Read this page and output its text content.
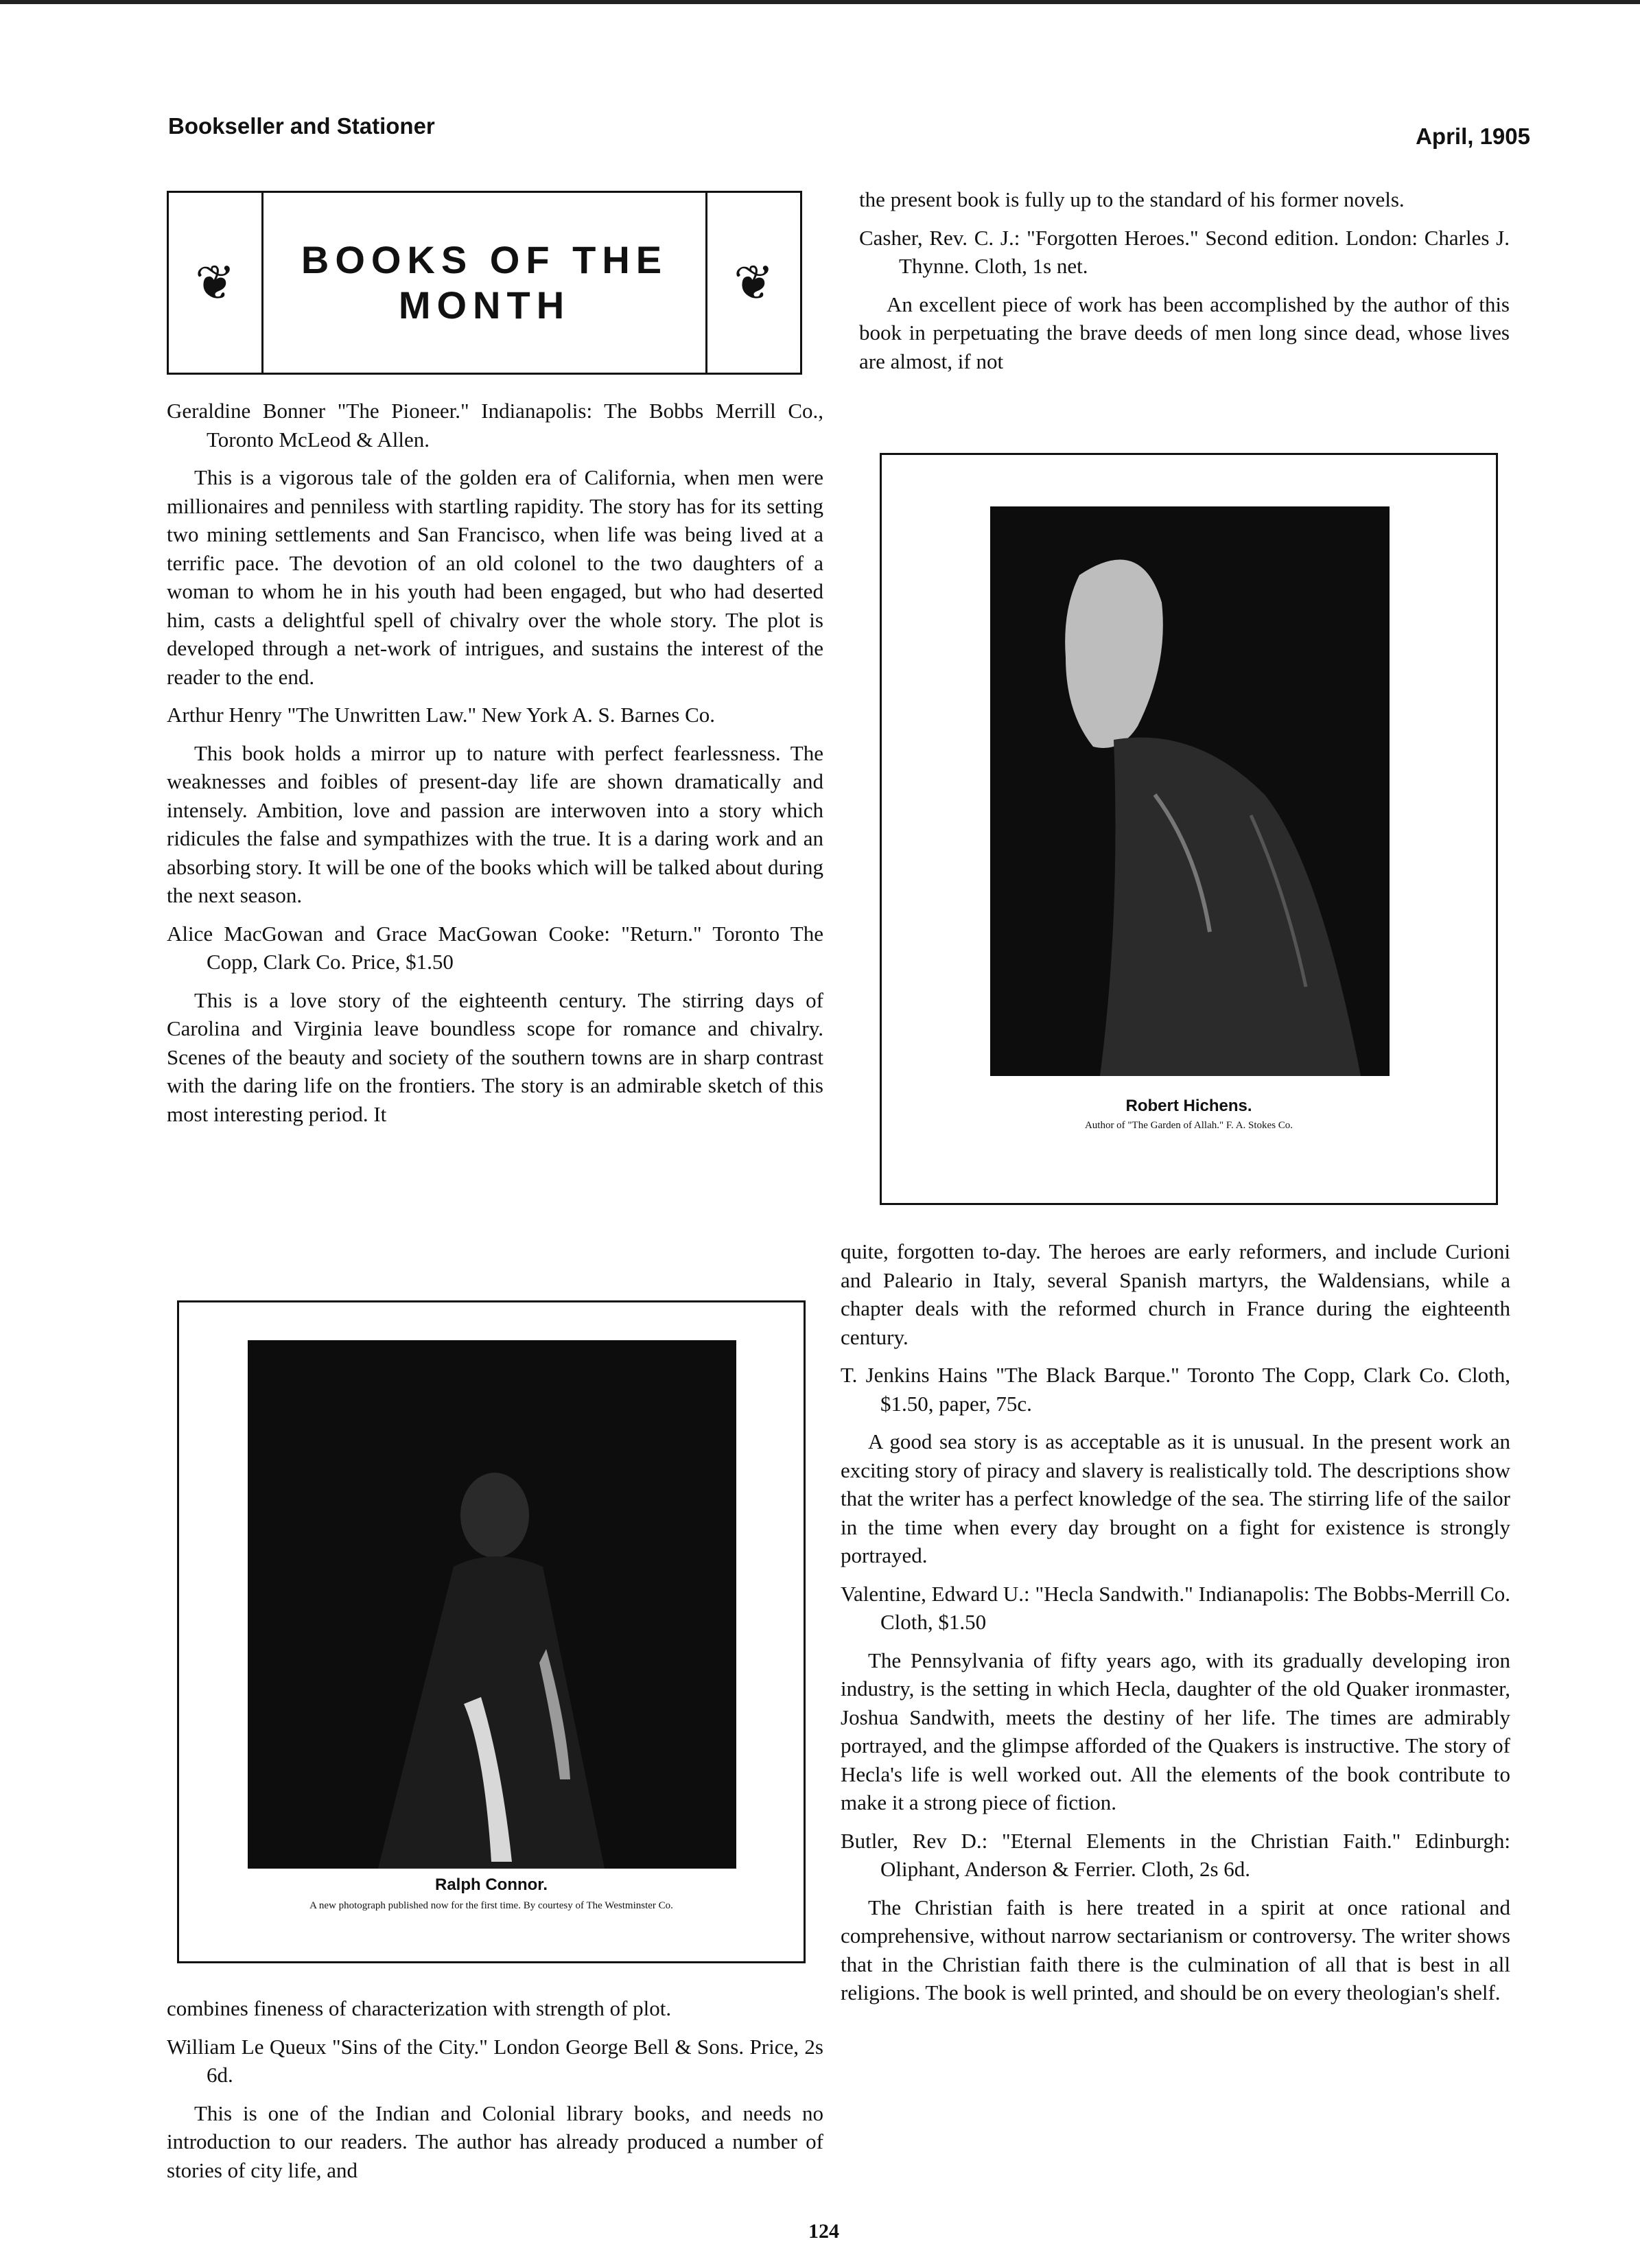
Bookseller and Stationer	April, 1905
❦ BOOKS OF THE
MONTH	❦

Geraldine Bonner "The Pioneer." Indianapolis: The Bobbs Merrill Co., Toronto McLeod & Allen.

This is a vigorous tale of the golden era of California, when men were millionaires and penniless with startling rapidity. The story has for its setting two mining settlements and San Francisco, when life was being lived at a terrific pace. The devotion of an old colonel to the two daughters of a woman to whom he in his youth had been engaged, but who had deserted him, casts a delightful spell of chivalry over the whole story. The plot is developed through a net-work of intrigues, and sustains the interest of the reader to the end.

Arthur Henry "The Unwritten Law." New York A. S. Barnes Co.

This book holds a mirror up to nature with perfect fearlessness. The weaknesses and foibles of present-day life are shown dramatically and intensely. Ambition, love and passion are interwoven into a story which ridicules the false and sympathizes with the true. It is a daring work and an absorbing story. It will be one of the books which will be talked about during the next season.

Alice MacGowan and Grace MacGowan Cooke: "Return." Toronto The Copp, Clark Co. Price, $1.50

This is a love story of the eighteenth century. The stirring days of Carolina and Virginia leave boundless scope for romance and chivalry. Scenes of the beauty and society of the southern towns are in sharp contrast with the daring life on the frontiers. The story is an admirable sketch of this most interesting period. It

Ralph Connor.
A new photograph published now for the first time. By courtesy of The Westminster Co.

combines fineness of characterization with strength of plot.

William Le Queux "Sins of the City." London George Bell & Sons. Price, 2s 6d.

This is one of the Indian and Colonial library books, and needs no introduction to our readers. The author has already produced a number of stories of city life, and

the present book is fully up to the standard of his former novels.

Casher, Rev. C. J.: "Forgotten Heroes." Second edition. London: Charles J. Thynne. Cloth, 1s net.

An excellent piece of work has been accomplished by the author of this book in perpetuating the brave deeds of men long since dead, whose lives are almost, if not

Robert Hichens.
Author of "The Garden of Allah." F. A. Stokes Co.

quite, forgotten to-day. The heroes are early reformers, and include Curioni and Paleario in Italy, several Spanish martyrs, the Waldensians, while a chapter deals with the reformed church in France during the eighteenth century.

T. Jenkins Hains "The Black Barque." Toronto The Copp, Clark Co. Cloth, $1.50, paper, 75c.

A good sea story is as acceptable as it is unusual. In the present work an exciting story of piracy and slavery is realistically told. The descriptions show that the writer has a perfect knowledge of the sea. The stirring life of the sailor in the time when every day brought on a fight for existence is strongly portrayed.

Valentine, Edward U.: "Hecla Sandwith." Indianapolis: The Bobbs-Merrill Co. Cloth, $1.50

The Pennsylvania of fifty years ago, with its gradually developing iron industry, is the setting in which Hecla, daughter of the old Quaker ironmaster, Joshua Sandwith, meets the destiny of her life. The times are admirably portrayed, and the glimpse afforded of the Quakers is instructive. The story of Hecla's life is well worked out. All the elements of the book contribute to make it a strong piece of fiction.

Butler, Rev D.: "Eternal Elements in the Christian Faith." Edinburgh: Oliphant, Anderson & Ferrier. Cloth, 2s 6d.

The Christian faith is here treated in a spirit at once rational and comprehensive, without narrow sectarianism or controversy. The writer shows that in the Christian faith there is the culmination of all that is best in all religions. The book is well printed, and should be on every theologian's shelf.

124
